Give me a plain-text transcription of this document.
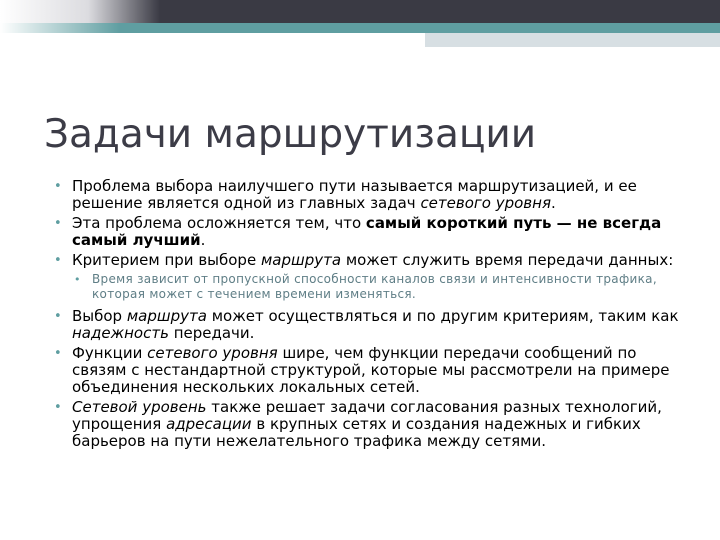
Задачи маршрутизации
• Проблема выбора наилучшего пути называется маршрутизацией, и ее решение является одной из главных задач сетевого уровня.
• Эта проблема осложняется тем, что самый короткий путь — не всегда самый лучший.
• Критерием при выборе маршрута может служить время передачи данных:
• Время зависит от пропускной способности каналов связи и интенсивности трафика, которая может с течением времени изменяться.
• Выбор маршрута может осуществляться и по другим критериям, таким как надежность передачи.
• Функции сетевого уровня шире, чем функции передачи сообщений по связям с нестандартной структурой, которые мы рассмотрели на примере объединения нескольких локальных сетей.
• Сетевой уровень также решает задачи согласования разных технологий, упрощения адресации в крупных сетях и создания надежных и гибких барьеров на пути нежелательного трафика между сетями.
